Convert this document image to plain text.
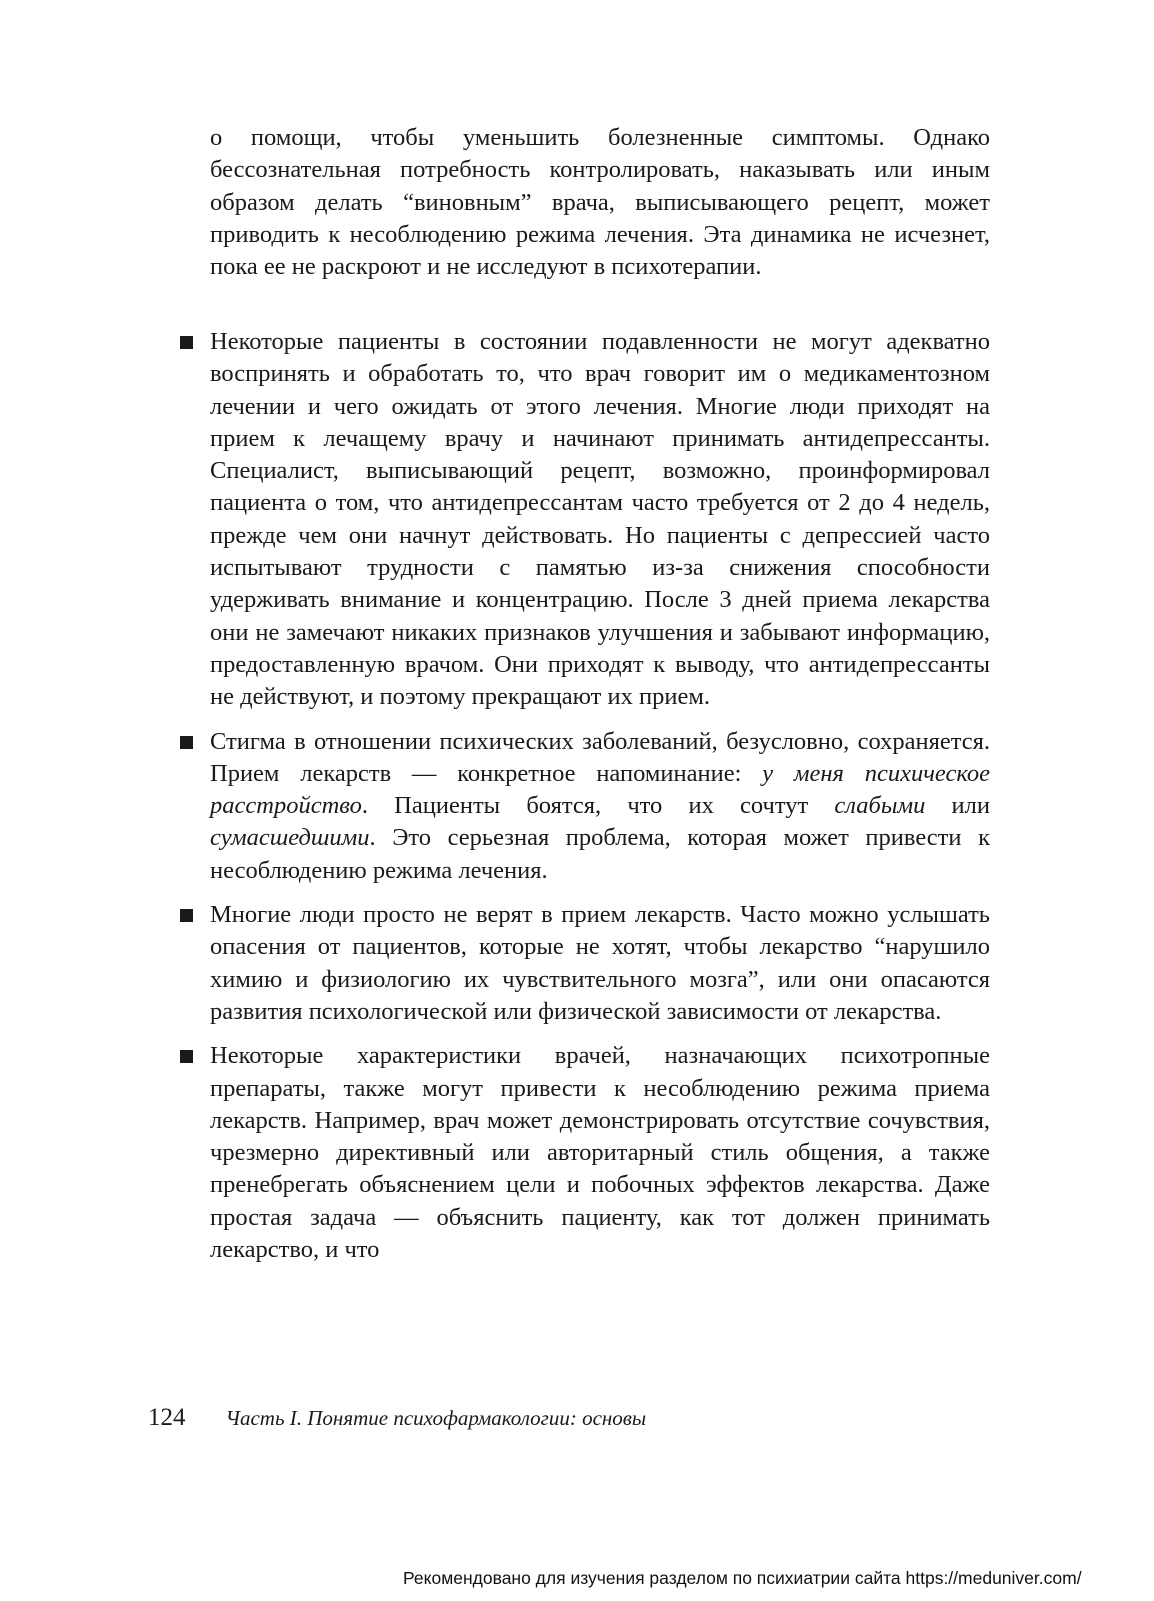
о помощи, чтобы уменьшить болезненные симптомы. Однако бессознательная потребность контролировать, наказывать или иным образом делать “виновным” врача, выписывающего рецепт, может приводить к несоблюдению режима лечения. Эта динамика не исчезнет, пока ее не раскроют и не исследуют в психотерапии.

Некоторые пациенты в состоянии подавленности не могут адекватно воспринять и обработать то, что врач говорит им о медикаментозном лечении и чего ожидать от этого лечения. Многие люди приходят на прием к лечащему врачу и начинают принимать антидепрессанты. Специалист, выписывающий рецепт, возможно, проинформировал пациента о том, что антидепрессантам часто требуется от 2 до 4 недель, прежде чем они начнут действовать. Но пациенты с депрессией часто испытывают трудности с памятью из-за снижения способности удерживать внимание и концентрацию. После 3 дней приема лекарства они не замечают никаких признаков улучшения и забывают информацию, предоставленную врачом. Они приходят к выводу, что антидепрессанты не действуют, и поэтому прекращают их прием.
Стигма в отношении психических заболеваний, безусловно, сохраняется. Прием лекарств — конкретное напоминание: у меня психическое расстройство. Пациенты боятся, что их сочтут слабыми или сумасшедшими. Это серьезная проблема, которая может привести к несоблюдению режима лечения.
Многие люди просто не верят в прием лекарств. Часто можно услышать опасения от пациентов, которые не хотят, чтобы лекарство “нарушило химию и физиологию их чувствительного мозга”, или они опасаются развития психологической или физической зависимости от лекарства.
Некоторые характеристики врачей, назначающих психотропные препараты, также могут привести к несоблюдению режима приема лекарств. Например, врач может демонстрировать отсутствие сочувствия, чрезмерно директивный или авторитарный стиль общения, а также пренебрегать объяснением цели и побочных эффектов лекарства. Даже простая задача — объяснить пациенту, как тот должен принимать лекарство, и что
124 Часть I. Понятие психофармакологии: основы
Рекомендовано для изучения разделом по психиатрии сайта https://meduniver.com/
